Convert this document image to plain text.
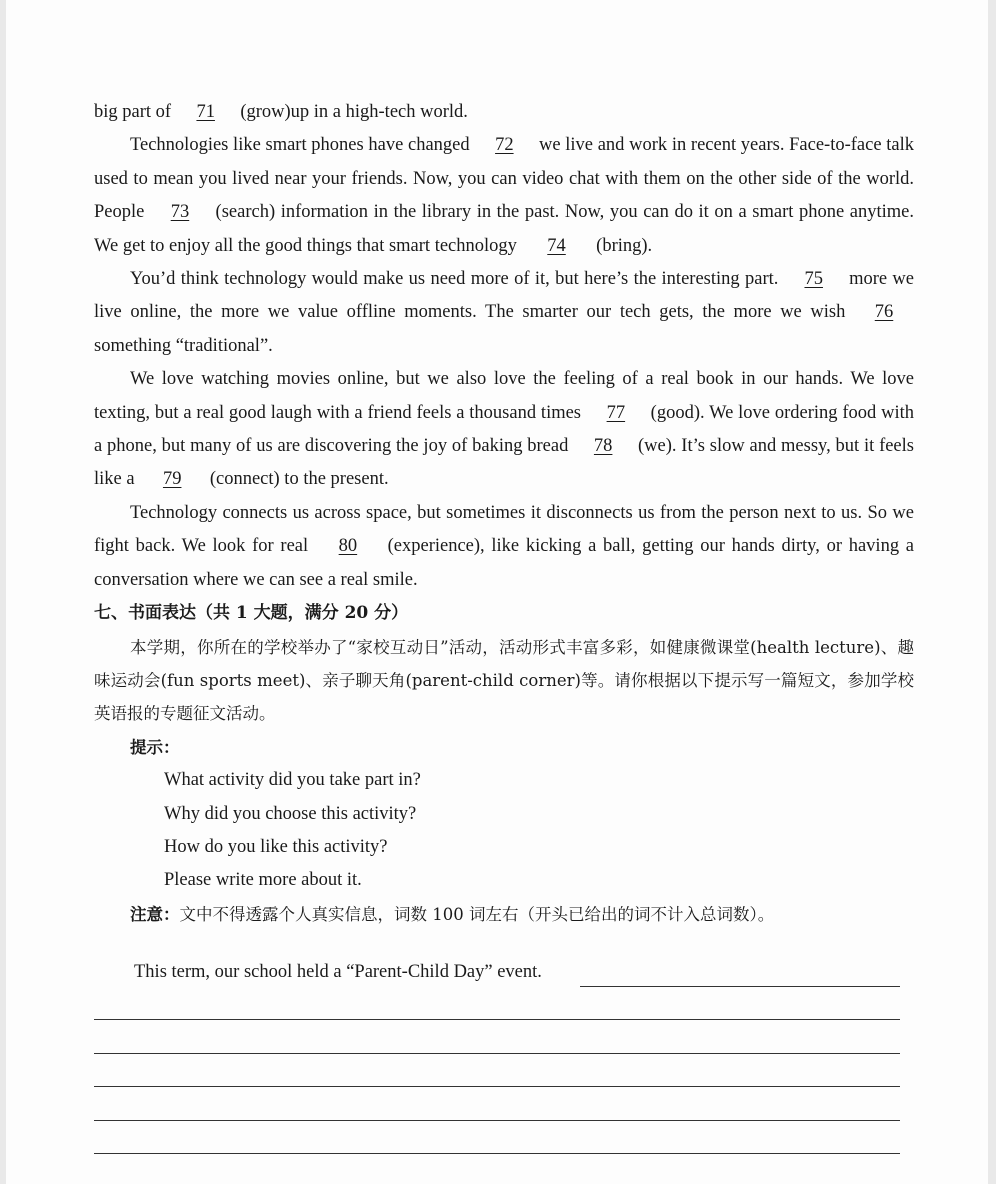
big part of 71 (grow)up in a high-tech world.

Technologies like smart phones have changed 72 we live and work in recent years. Face-to-face talk used to mean you lived near your friends. Now, you can video chat with them on the other side of the world. People 73 (search) information in the library in the past. Now, you can do it on a smart phone anytime. We get to enjoy all the good things that smart technology 74 (bring).

You’d think technology would make us need more of it, but here’s the interesting part. 75 more we live online, the more we value offline moments. The smarter our tech gets, the more we wish 76 something “traditional”.

We love watching movies online, but we also love the feeling of a real book in our hands. We love texting, but a real good laugh with a friend feels a thousand times 77 (good). We love ordering food with a phone, but many of us are discovering the joy of baking bread 78 (we). It’s slow and messy, but it feels like a 79 (connect) to the present.

Technology connects us across space, but sometimes it disconnects us from the person next to us. So we fight back. We look for real 80 (experience), like kicking a ball, getting our hands dirty, or having a conversation where we can see a real smile.

七、书面表达（共 1 大题，满分 20 分）

本学期，你所在的学校举办了“家校互动日”活动，活动形式丰富多彩，如健康微课堂(health lecture)、趣味运动会(fun sports meet)、亲子聊天角(parent-child corner)等。请你根据以下提示写一篇短文，参加学校英语报的专题征文活动。

提示：

What activity did you take part in?

Why did you choose this activity?

How do you like this activity?

Please write more about it.

注意：文中不得透露个人真实信息，词数 100 词左右（开头已给出的词不计入总词数）。

This term, our school held a “Parent-Child Day” event.
